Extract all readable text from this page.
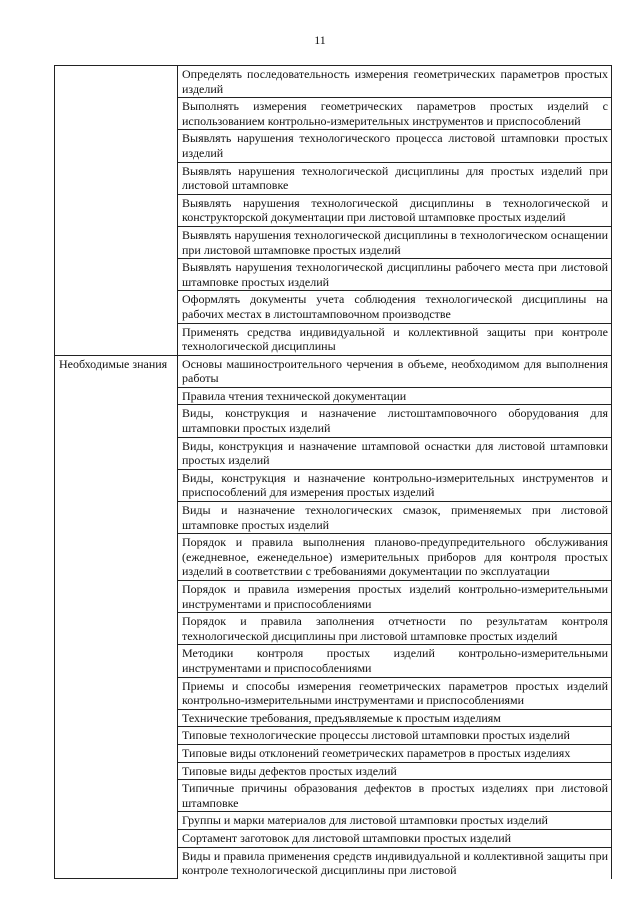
11
	Определять последовательность измерения геометрических параметров простых изделий
	Выполнять измерения геометрических параметров простых изделий с использованием контрольно-измерительных инструментов и приспособлений
	Выявлять нарушения технологического процесса листовой штамповки простых изделий
	Выявлять нарушения технологической дисциплины для простых изделий при листовой штамповке
	Выявлять нарушения технологической дисциплины в технологической и конструкторской документации при листовой штамповке простых изделий
	Выявлять нарушения технологической дисциплины в технологическом оснащении при листовой штамповке простых изделий
	Выявлять нарушения технологической дисциплины рабочего места при листовой штамповке простых изделий
	Оформлять документы учета соблюдения технологической дисциплины на рабочих местах в листоштамповочном производстве
	Применять средства индивидуальной и коллективной защиты при контроле технологической дисциплины
Необходимые знания	Основы машиностроительного черчения в объеме, необходимом для выполнения работы
	Правила чтения технической документации
	Виды, конструкция и назначение листоштамповочного оборудования для штамповки простых изделий
	Виды, конструкция и назначение штамповой оснастки для листовой штамповки простых изделий
	Виды, конструкция и назначение контрольно-измерительных инструментов и приспособлений для измерения простых изделий
	Виды и назначение технологических смазок, применяемых при листовой штамповке простых изделий
	Порядок и правила выполнения планово-предупредительного обслуживания (ежедневное, еженедельное) измерительных приборов для контроля простых изделий в соответствии с требованиями документации по эксплуатации
	Порядок и правила измерения простых изделий контрольно-измерительными инструментами и приспособлениями
	Порядок и правила заполнения отчетности по результатам контроля технологической дисциплины при листовой штамповке простых изделий
	Методики контроля простых изделий контрольно-измерительными инструментами и приспособлениями
	Приемы и способы измерения геометрических параметров простых изделий контрольно-измерительными инструментами и приспособлениями
	Технические требования, предъявляемые к простым изделиям
	Типовые технологические процессы листовой штамповки простых изделий
	Типовые виды отклонений геометрических параметров в простых изделиях
	Типовые виды дефектов простых изделий
	Типичные причины образования дефектов в простых изделиях при листовой штамповке
	Группы и марки материалов для листовой штамповки простых изделий
	Сортамент заготовок для листовой штамповки простых изделий
	Виды и правила применения средств индивидуальной и коллективной защиты при контроле технологической дисциплины при листовой
